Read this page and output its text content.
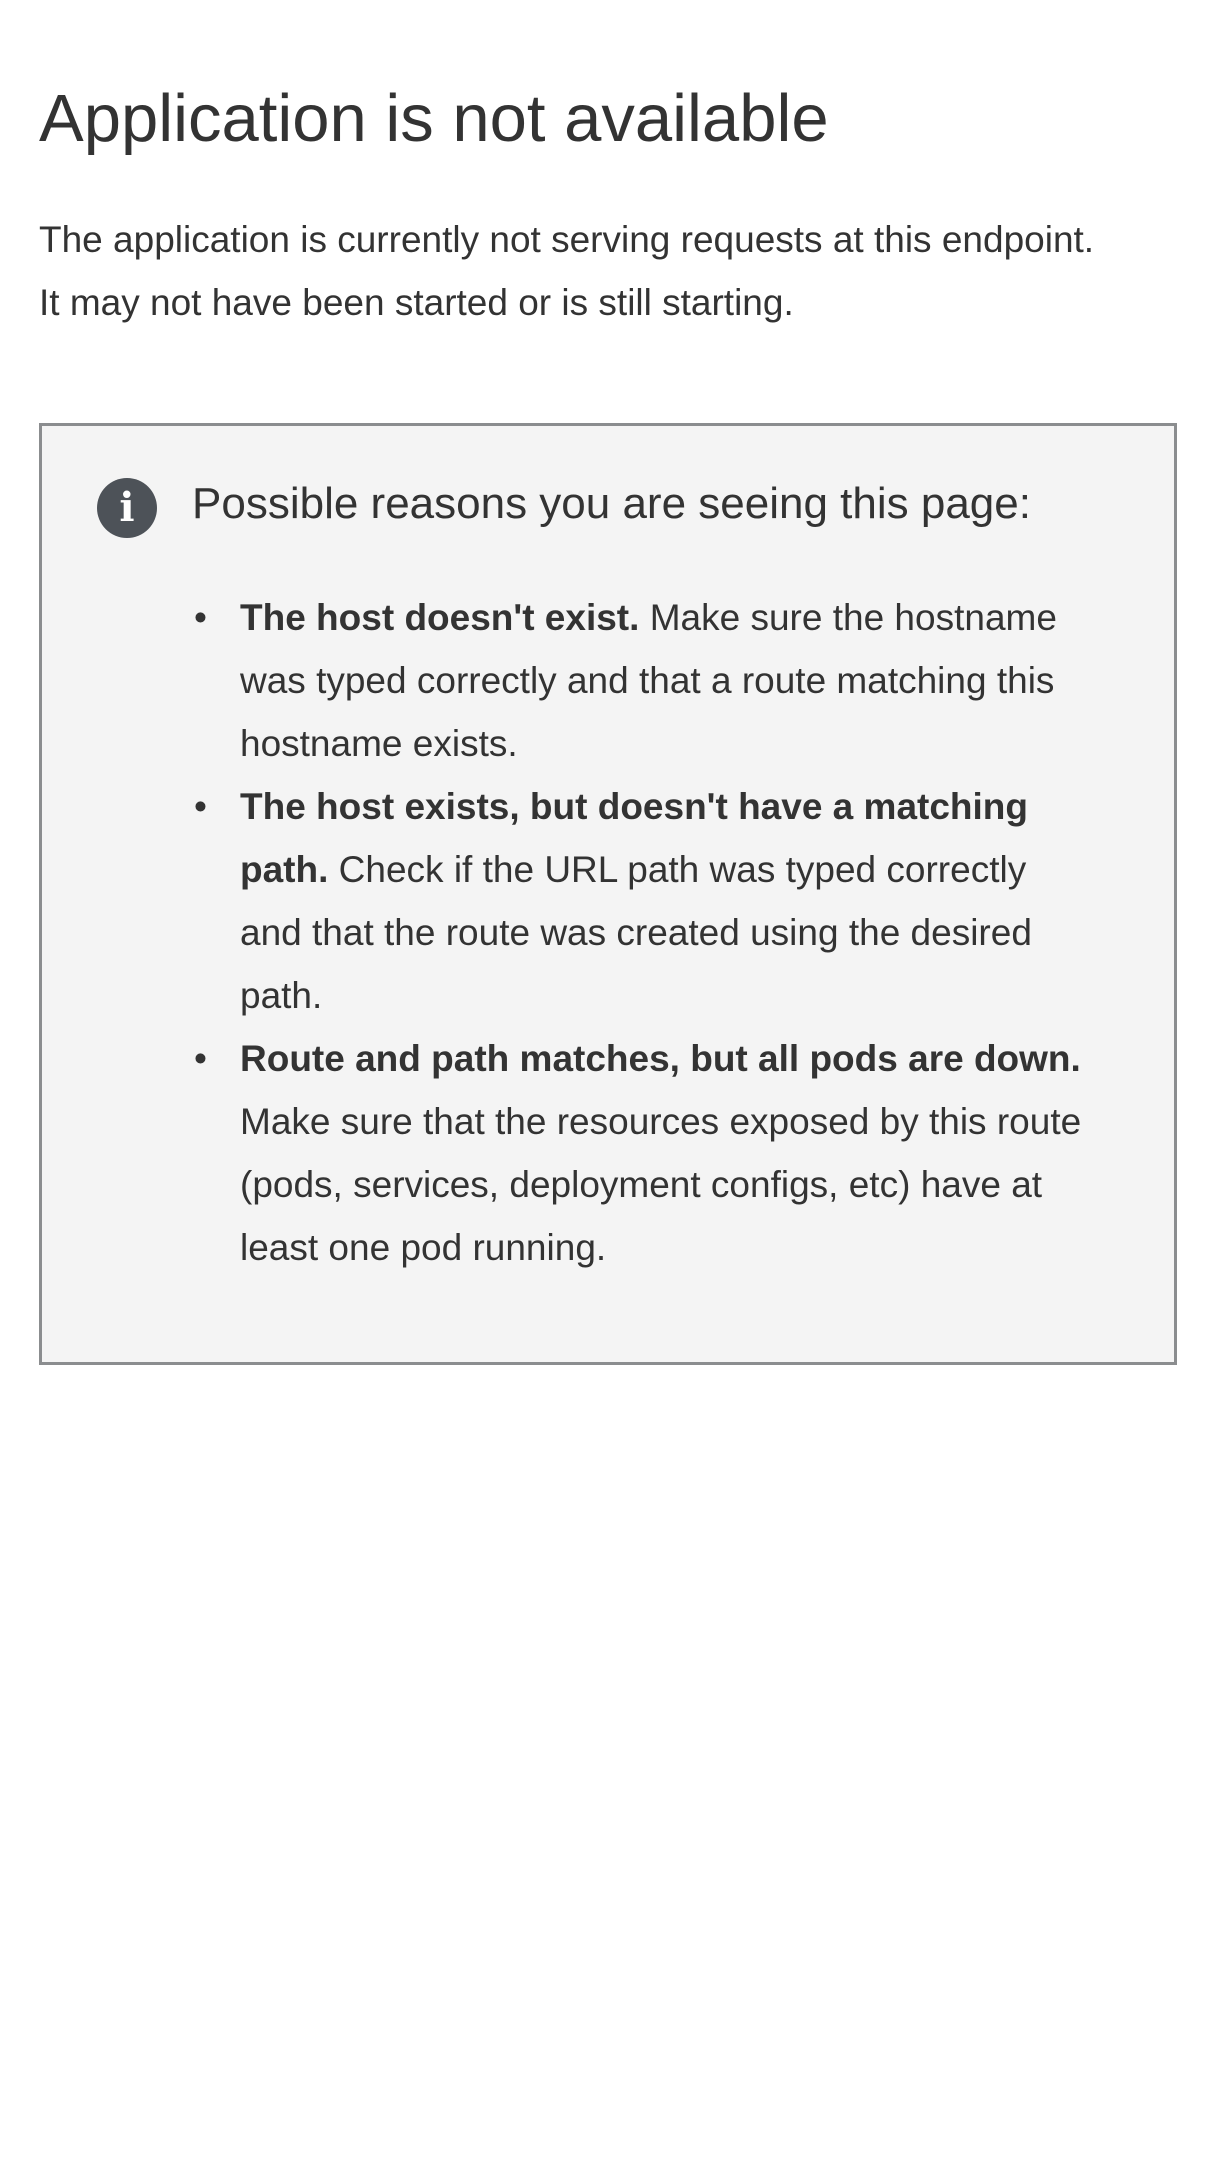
Application is not available

The application is currently not serving requests at this endpoint.
It may not have been started or is still starting.

i	Possible reasons you are seeing this page:
• The host doesn't exist. Make sure the hostname
was typed correctly and that a route matching this
hostname exists.
• The host exists, but doesn't have a matching
path. Check if the URL path was typed correctly
and that the route was created using the desired
path.
• Route and path matches, but all pods are down.
Make sure that the resources exposed by this route
(pods, services, deployment configs, etc) have at
least one pod running.
